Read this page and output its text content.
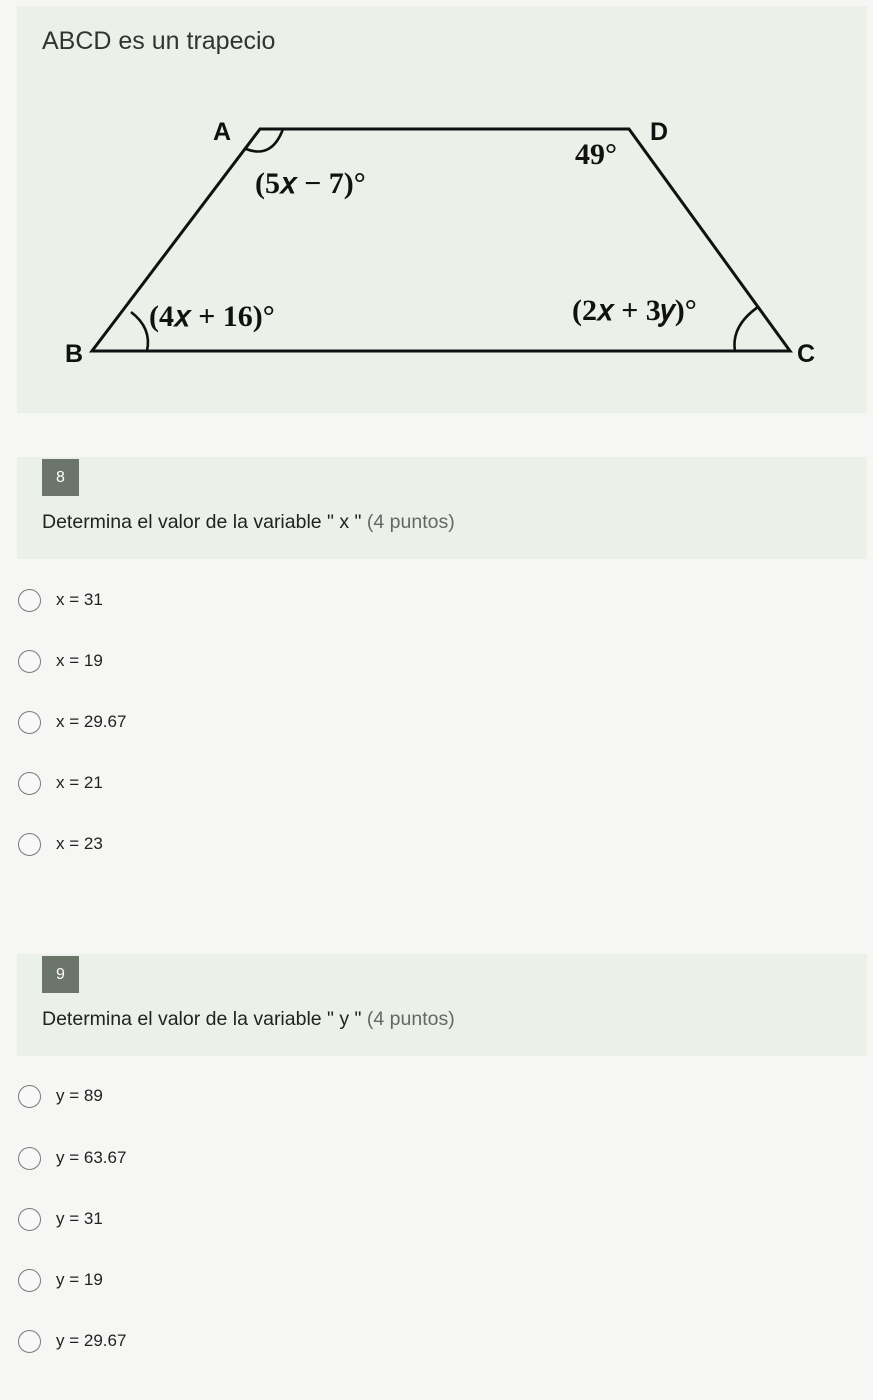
ABCD es un trapecio
A	D
B	C
(5𝑥 − 7)°
49°
(4𝑥 + 16)°	(2𝑥 + 3𝑦)°
8
Determina el valor de la variable " x " (4 puntos)
x = 31
x = 19
x = 29.67
x = 21
x = 23
9
Determina el valor de la variable " y " (4 puntos)
y = 89
y = 63.67
y = 31
y = 19
y = 29.67
